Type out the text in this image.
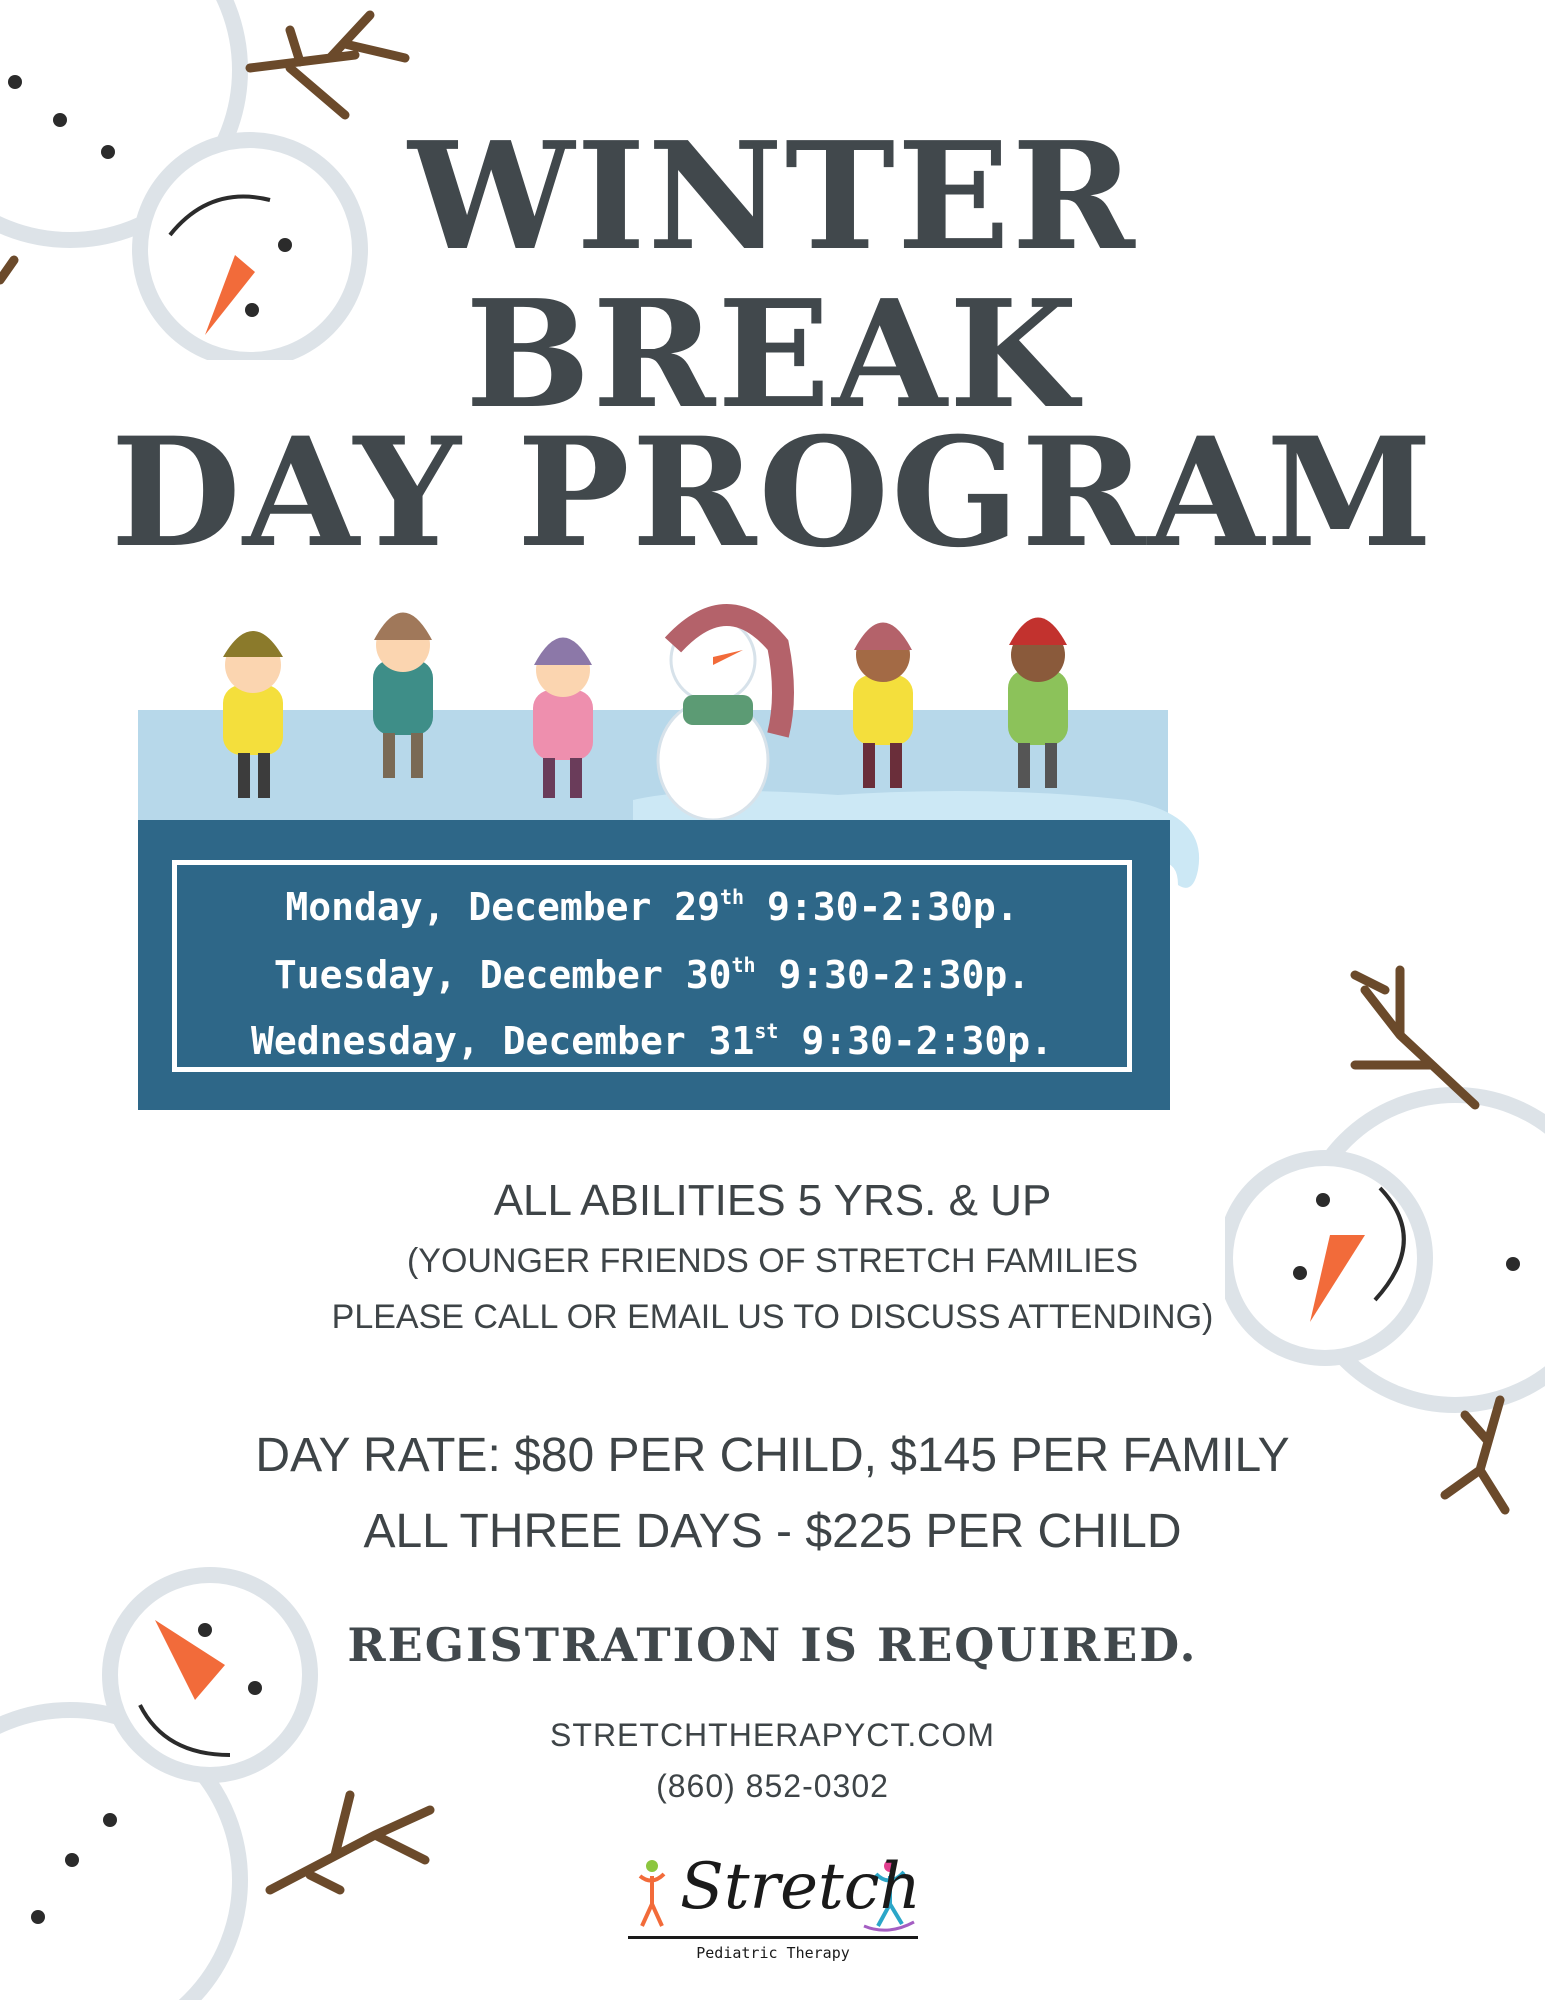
WINTER
BREAK
DAY PROGRAM
Monday, December 29th 9:30-2:30p.
Tuesday, December 30th 9:30-2:30p.
Wednesday, December 31st 9:30-2:30p.
ALL ABILITIES 5 YRS. & UP
(YOUNGER FRIENDS OF STRETCH FAMILIES
PLEASE CALL OR EMAIL US TO DISCUSS ATTENDING)
DAY RATE: $80 PER CHILD, $145 PER FAMILY
ALL THREE DAYS - $225 PER CHILD
REGISTRATION IS REQUIRED.
STRETCHTHERAPYCT.COM
(860) 852-0302
Stretch
Pediatric Therapy
